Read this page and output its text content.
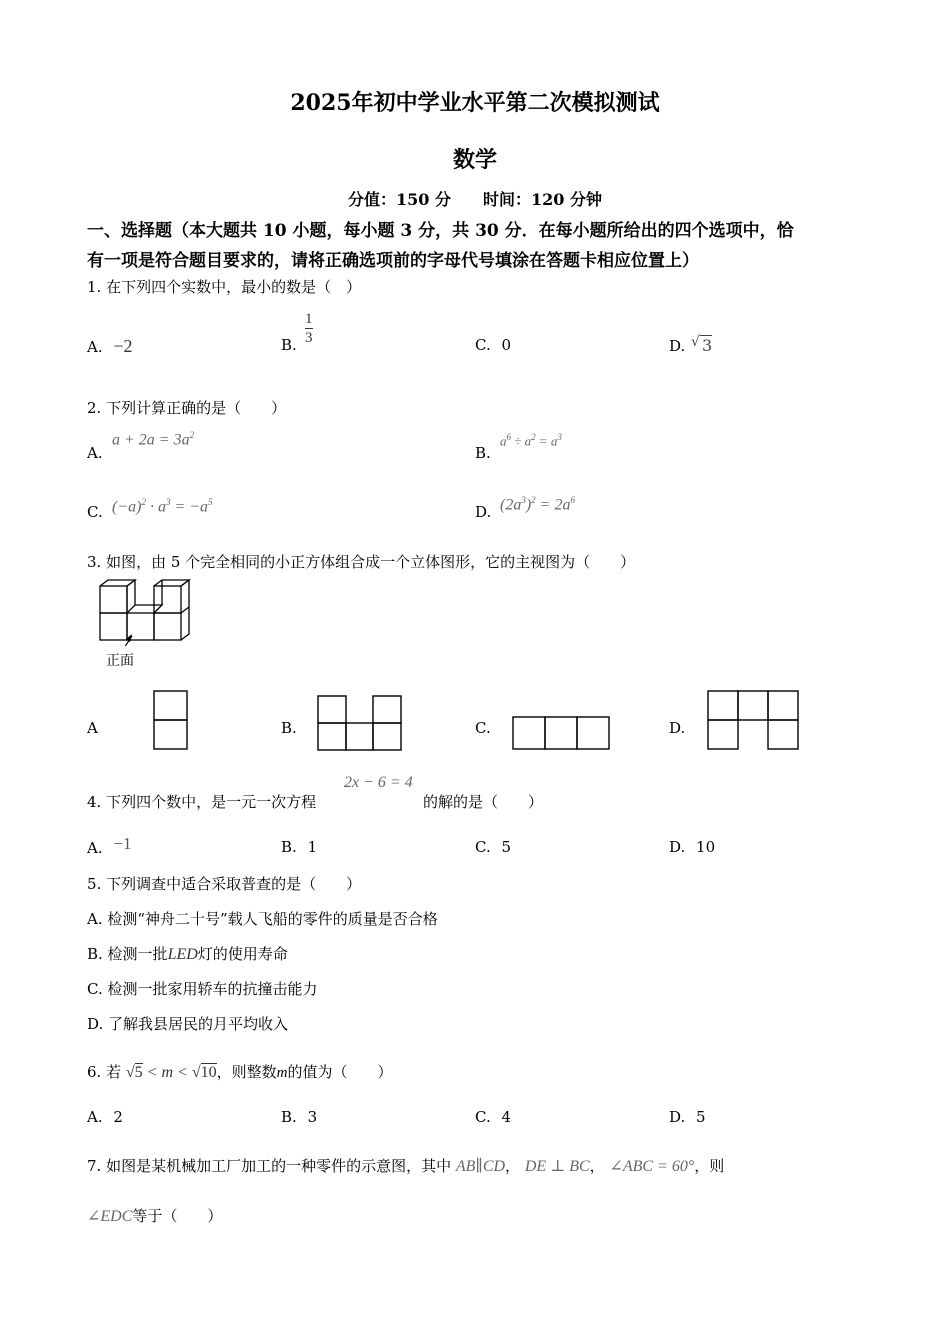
2025年初中学业水平第二次模拟测试
数学
分值：150 分　　时间：120 分钟
一、选择题（本大题共 10 小题，每小题 3 分，共 30 分．在每小题所给出的四个选项中，恰
有一项是符合题目要求的，请将正确选项前的字母代号填涂在答题卡相应位置上）
1. 在下列四个实数中，最小的数是（　）
A. −2	B. $\frac{1}{3}$	C. 0	D. √ 3
2. 下列计算正确的是（　　）
A.
$a + 2a = 3a^2$
B.
$a^6 \div a^2 = a^3$
C. $(-a)^2 \cdot a^3 = -a^5$
D. $(2a^3)^2 = 2a^6$
3. 如图，由 5 个完全相同的小正方体组合成一个立体图形，它的主视图为（　　）
正面
A	B.	C.	D.
4. 下列四个数中，是一元一次方程
2x − 6 = 4
的解的是（　　）
A. −1	B. 1	C. 5	D. 10
5. 下列调查中适合采取普查的是（　　）
A. 检测“神舟二十号”载人飞船的零件的质量是否合格
B. 检测一批LED灯的使用寿命
C. 检测一批家用轿车的抗撞击能力
D. 了解我县居民的月平均收入
6. 若 √5 < m < √10，则整数m的值为（　　）
A. 2	B. 3	C. 4	D. 5
7. 如图是某机械加工厂加工的一种零件的示意图，其中 AB∥CD， DE ⊥ BC， ∠ABC = 60°，则
∠EDC等于（　　）
